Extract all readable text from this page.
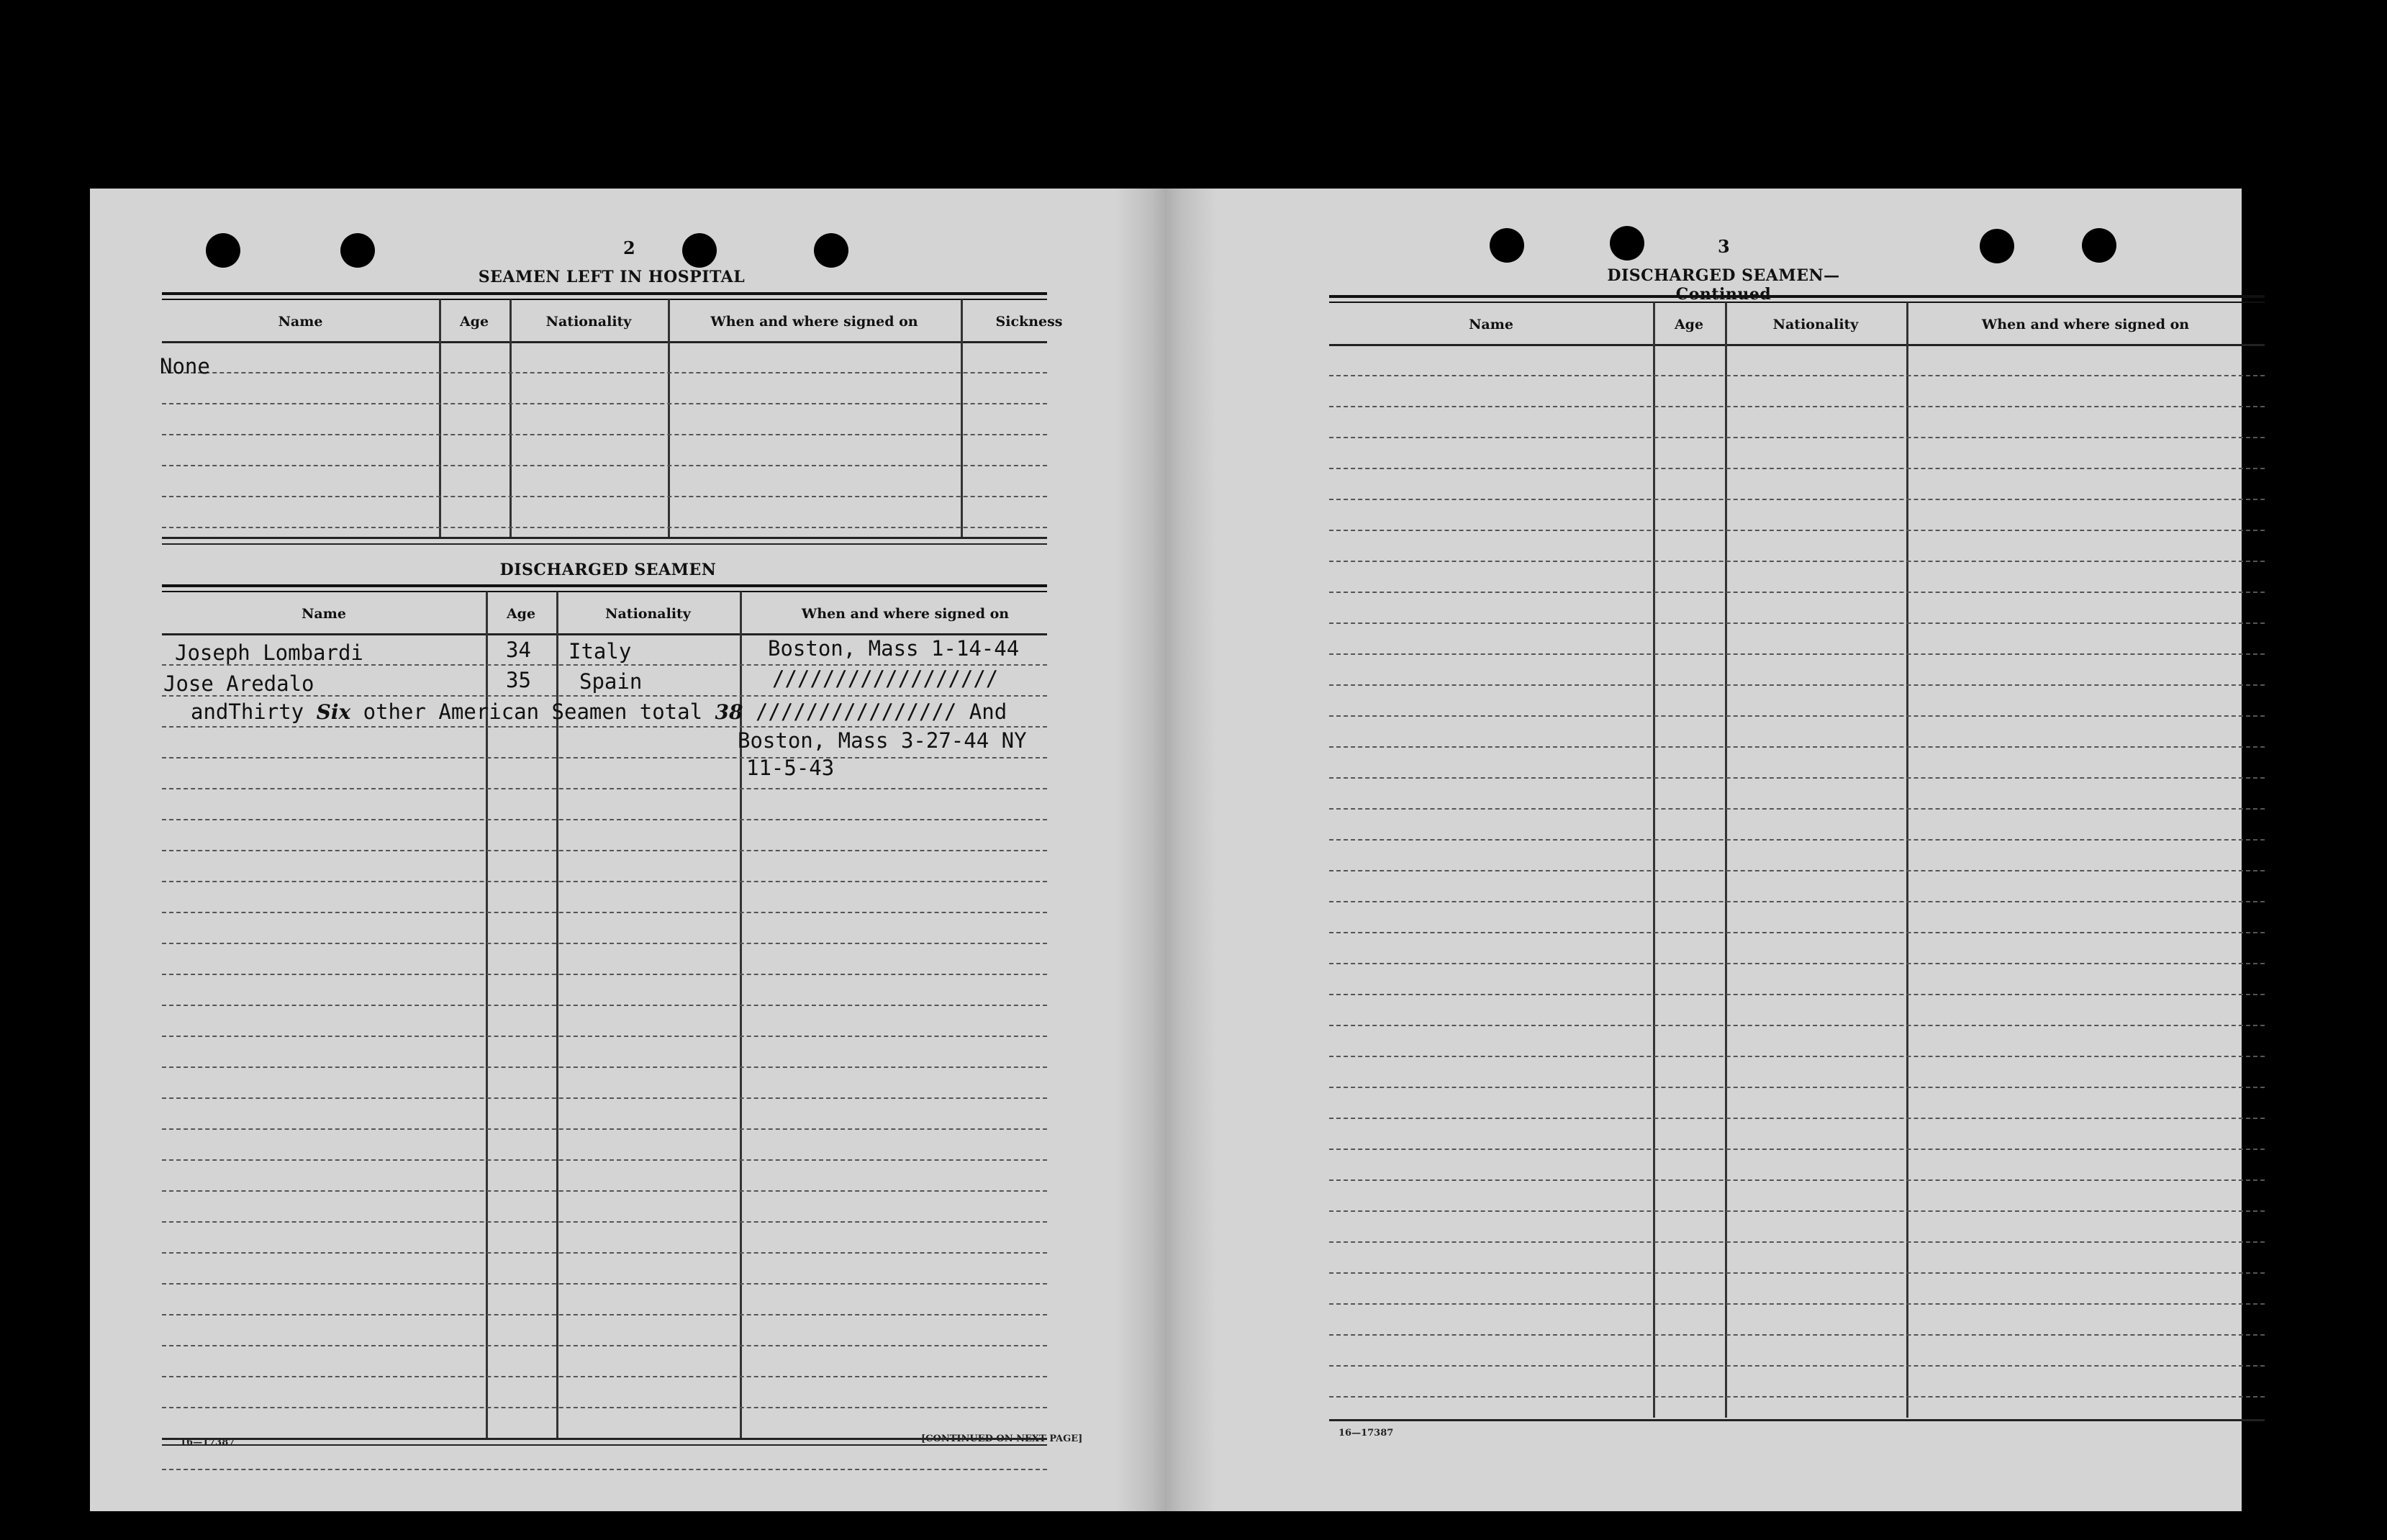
2
SEAMEN LEFT IN HOSPITAL
Name	Age	Nationality	When and where signed on	Sickness
None
DISCHARGED SEAMEN
Name	Age	Nationality	When and where signed on
Joseph Lombardi	34 Italy	Boston, Mass 1-14-44
Jose Aredalo	35 Spain	//////////////////
andThirty Six other American Seamen total 38 //////////////// And
Boston, Mass 3-27-44 NY
11-5-43
16—17387	[CONTINUED ON NEXT PAGE]
3
DISCHARGED SEAMEN—Continued
Name	Age	Nationality	When and where signed on
16—17387
